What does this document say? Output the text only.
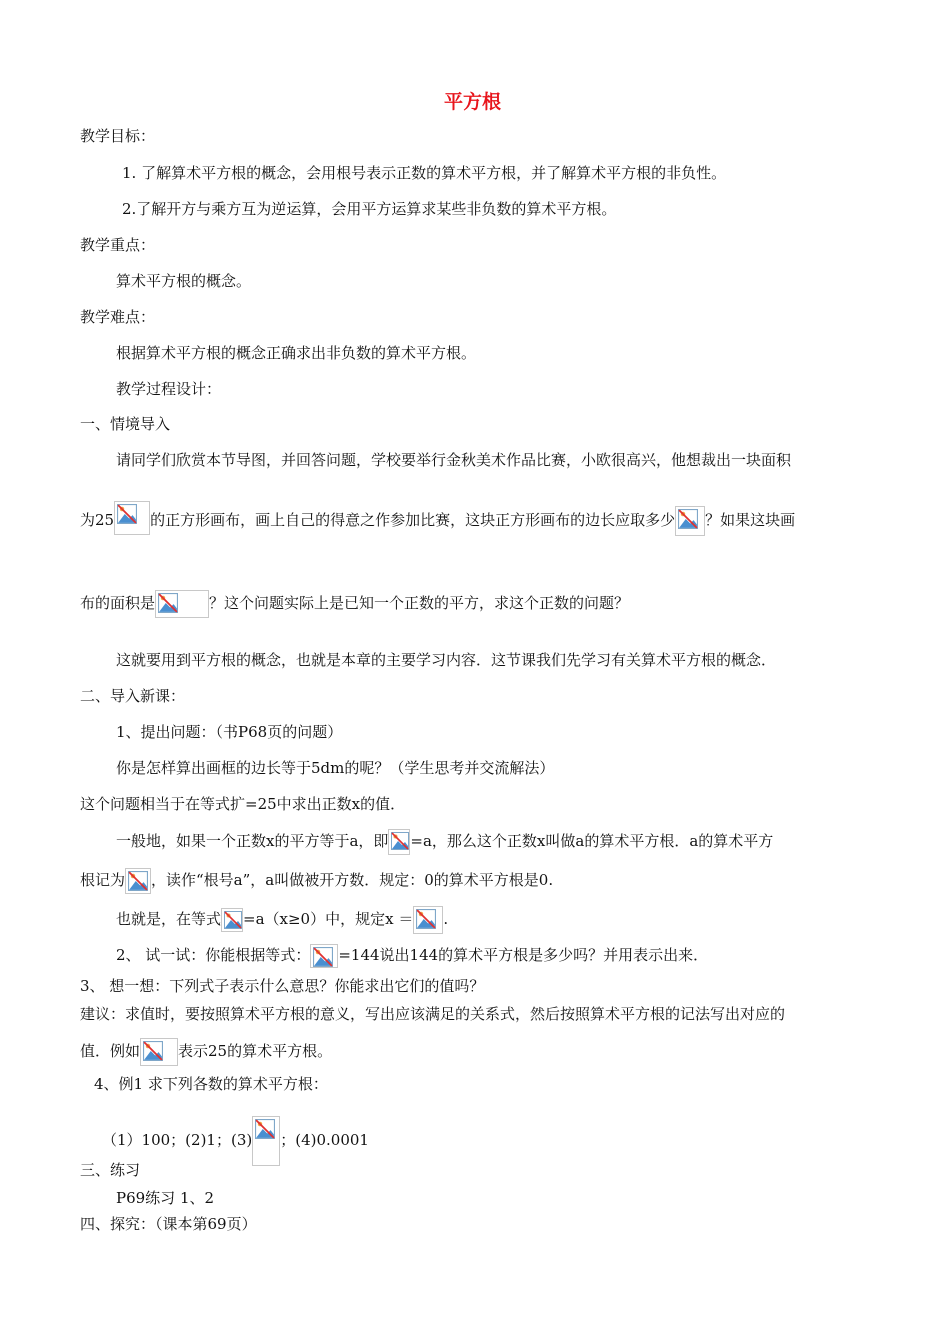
平方根
教学目标：
1. 了解算术平方根的概念，会用根号表示正数的算术平方根，并了解算术平方根的非负性。
2.了解开方与乘方互为逆运算，会用平方运算求某些非负数的算术平方根。
教学重点：
算术平方根的概念。
教学难点：
根据算术平方根的概念正确求出非负数的算术平方根。
教学过程设计：
一、情境导入
请同学们欣赏本节导图，并回答问题，学校要举行金秋美术作品比赛，小欧很高兴，他想裁出一块面积
为25 的正方形画布，画上自己的得意之作参加比赛，这块正方形画布的边长应取多少 ？如果这块画
布的面积是	？这个问题实际上是已知一个正数的平方，求这个正数的问题？
这就要用到平方根的概念，也就是本章的主要学习内容．这节课我们先学习有关算术平方根的概念．
二、导入新课：
1、提出问题：（书P68页的问题）
你是怎样算出画框的边长等于5dm的呢？（学生思考并交流解法）
这个问题相当于在等式扩=25中求出正数x的值．
一般地，如果一个正数x的平方等于a，即 =a，那么这个正数x叫做a的算术平方根．a的算术平方
根记为 ，读作“根号a”，a叫做被开方数．规定：0的算术平方根是0.
也就是，在等式 =a（x≥0）中，规定x ＝ .
2、 试一试：你能根据等式： =144说出144的算术平方根是多少吗？并用表示出来．
3、 想一想：下列式子表示什么意思？你能求出它们的值吗？
建议：求值时，要按照算术平方根的意义，写出应该满足的关系式，然后按照算术平方根的记法写出对应的
值．例如	表示25的算术平方根。
4、例1 求下列各数的算术平方根：
（1）100；(2)1；(3) ；(4)0.0001
三、练习
P69练习 1、2
四、探究：（课本第69页）
